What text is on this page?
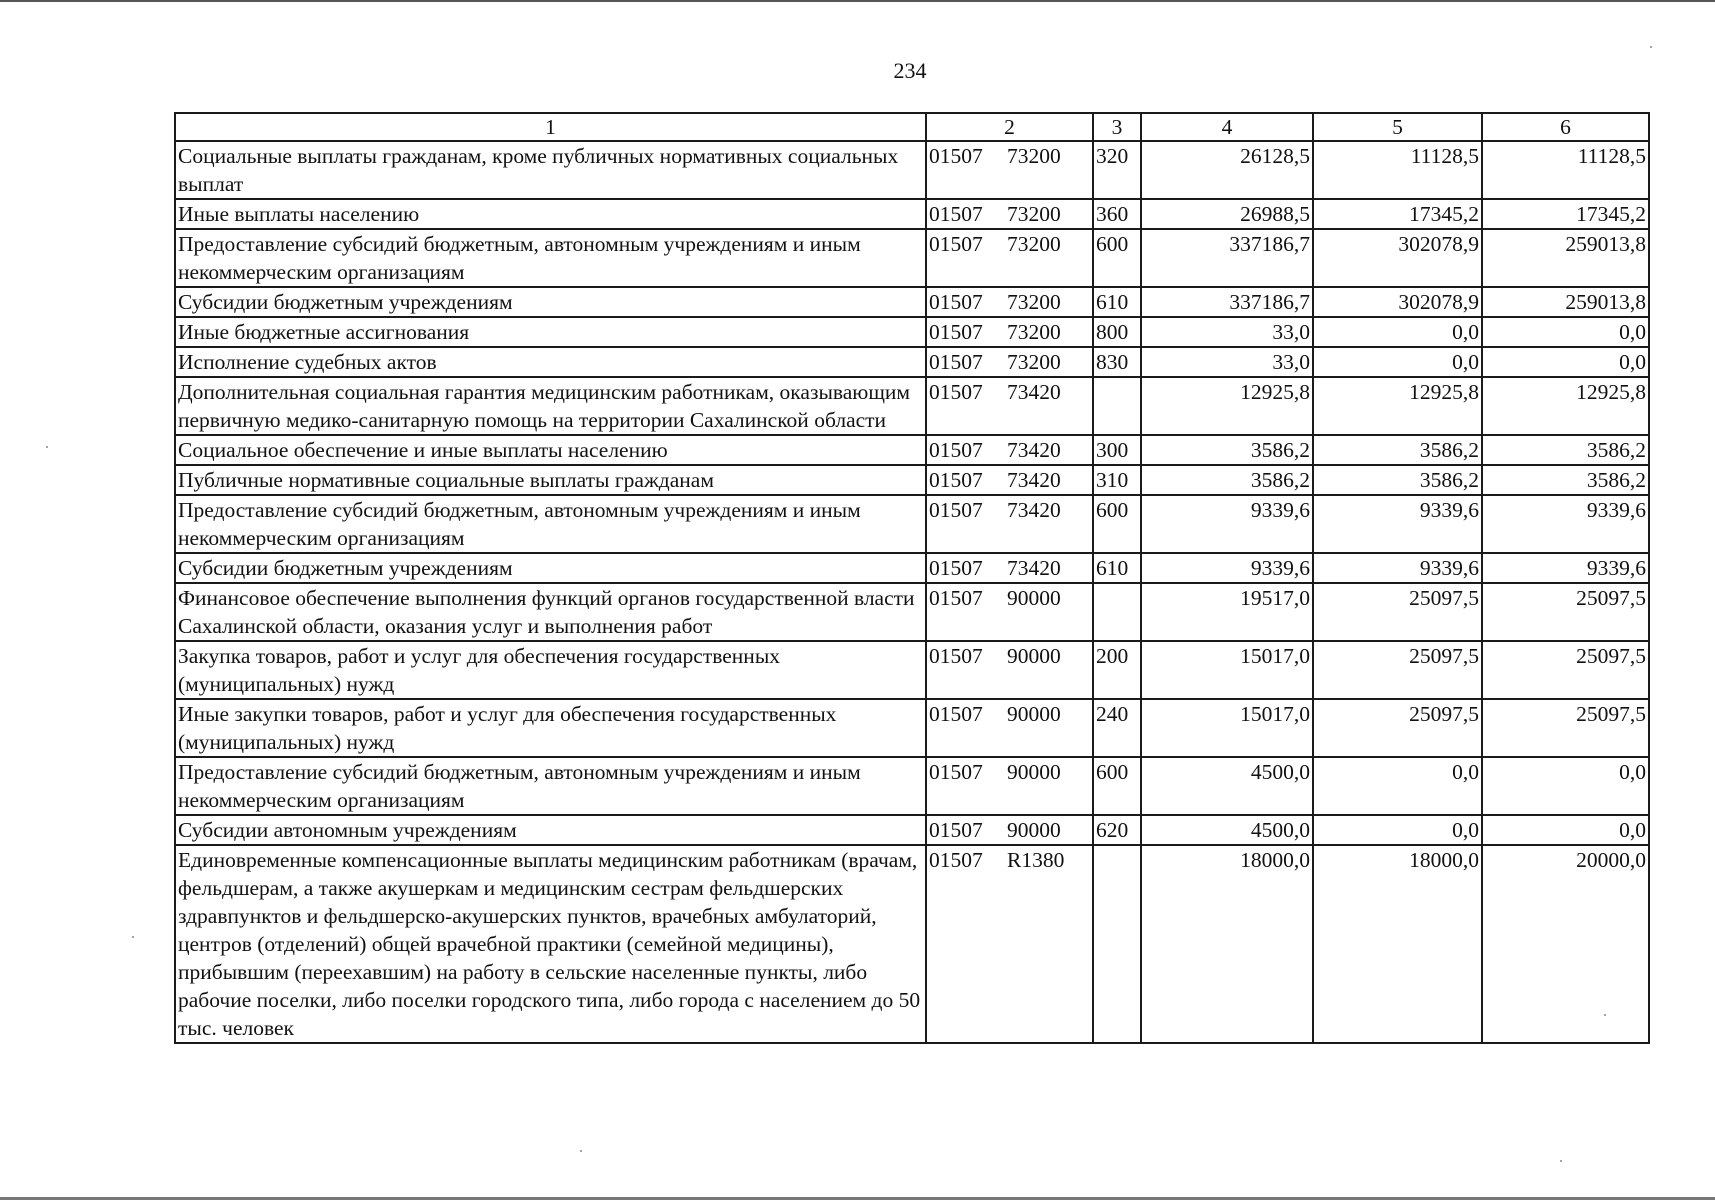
234
1	2	3	4	5	6
Социальные выплаты гражданам, кроме публичных нормативных социальных выплат	01507 73200	320	26128,5	11128,5	11128,5
Иные выплаты населению	01507 73200	360	26988,5	17345,2	17345,2
Предоставление субсидий бюджетным, автономным учреждениям и иным некоммерческим организациям	01507 73200	600	337186,7	302078,9	259013,8
Субсидии бюджетным учреждениям	01507 73200	610	337186,7	302078,9	259013,8
Иные бюджетные ассигнования	01507 73200	800	33,0	0,0	0,0
Исполнение судебных актов	01507 73200	830	33,0	0,0	0,0
Дополнительная социальная гарантия медицинским работникам, оказывающим первичную медико-санитарную помощь на территории Сахалинской области	01507 73420		12925,8	12925,8	12925,8
Социальное обеспечение и иные выплаты населению	01507 73420	300	3586,2	3586,2	3586,2
Публичные нормативные социальные выплаты гражданам	01507 73420	310	3586,2	3586,2	3586,2
Предоставление субсидий бюджетным, автономным учреждениям и иным некоммерческим организациям	01507 73420	600	9339,6	9339,6	9339,6
Субсидии бюджетным учреждениям	01507 73420	610	9339,6	9339,6	9339,6
Финансовое обеспечение выполнения функций органов государственной власти Сахалинской области, оказания услуг и выполнения работ	01507 90000		19517,0	25097,5	25097,5
Закупка товаров, работ и услуг для обеспечения государственных (муниципальных) нужд	01507 90000	200	15017,0	25097,5	25097,5
Иные закупки товаров, работ и услуг для обеспечения государственных (муниципальных) нужд	01507 90000	240	15017,0	25097,5	25097,5
Предоставление субсидий бюджетным, автономным учреждениям и иным некоммерческим организациям	01507 90000	600	4500,0	0,0	0,0
Субсидии автономным учреждениям	01507 90000	620	4500,0	0,0	0,0
Единовременные компенсационные выплаты медицинским работникам (врачам, фельдшерам, а также акушеркам и медицинским сестрам фельдшерских здравпунктов и фельдшерско-акушерских пунктов, врачебных амбулаторий, центров (отделений) общей врачебной практики (семейной медицины), прибывшим (переехавшим) на работу в сельские населенные пункты, либо рабочие поселки, либо поселки городского типа, либо города с населением до 50 тыс. человек	01507 R1380		18000,0	18000,0	20000,0
